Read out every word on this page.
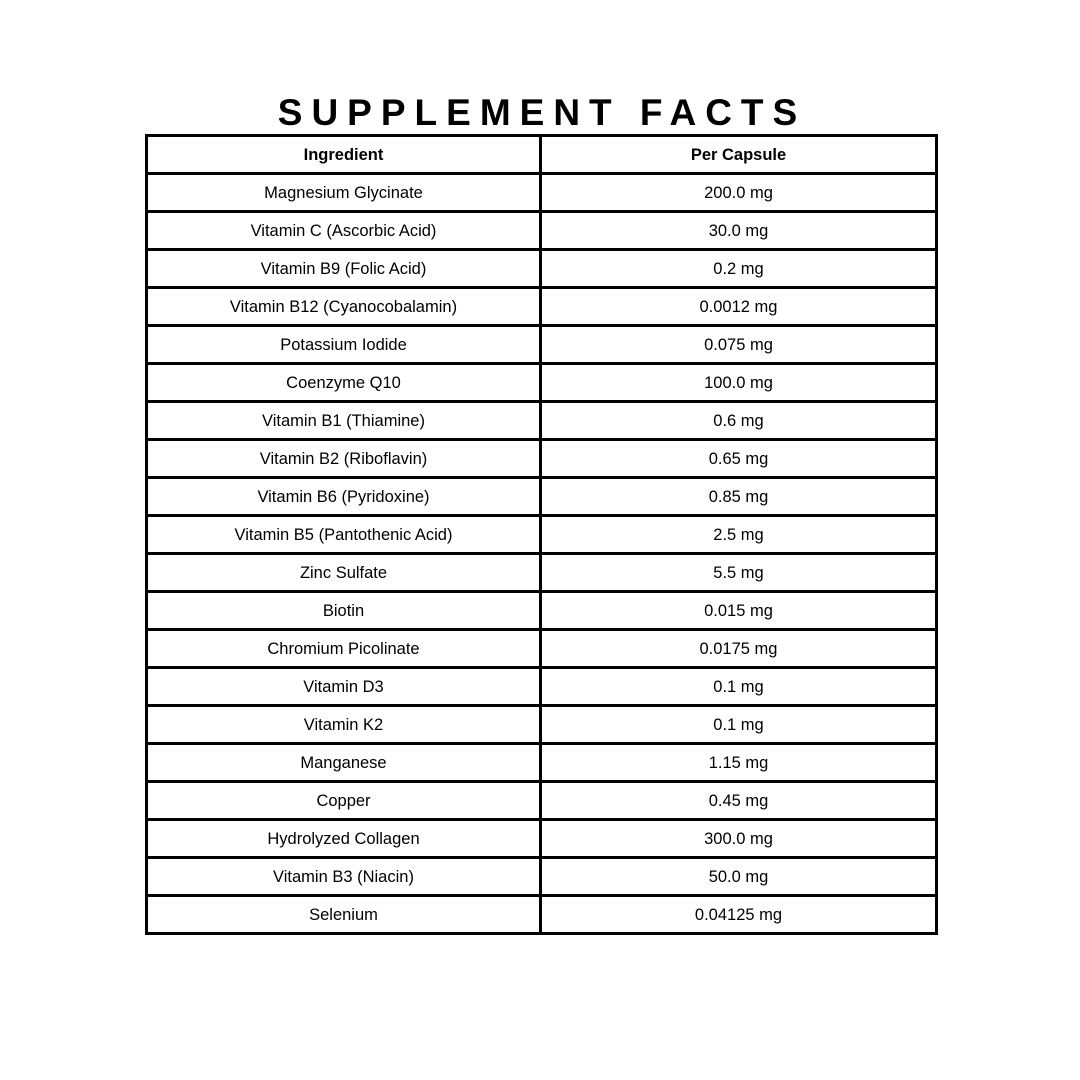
SUPPLEMENT FACTS
Ingredient	Per Capsule
Magnesium Glycinate	200.0 mg
Vitamin C (Ascorbic Acid)	30.0 mg
Vitamin B9 (Folic Acid)	0.2 mg
Vitamin B12 (Cyanocobalamin)	0.0012 mg
Potassium Iodide	0.075 mg
Coenzyme Q10	100.0 mg
Vitamin B1 (Thiamine)	0.6 mg
Vitamin B2 (Riboflavin)	0.65 mg
Vitamin B6 (Pyridoxine)	0.85 mg
Vitamin B5 (Pantothenic Acid)	2.5 mg
Zinc Sulfate	5.5 mg
Biotin	0.015 mg
Chromium Picolinate	0.0175 mg
Vitamin D3	0.1 mg
Vitamin K2	0.1 mg
Manganese	1.15 mg
Copper	0.45 mg
Hydrolyzed Collagen	300.0 mg
Vitamin B3 (Niacin)	50.0 mg
Selenium	0.04125 mg
